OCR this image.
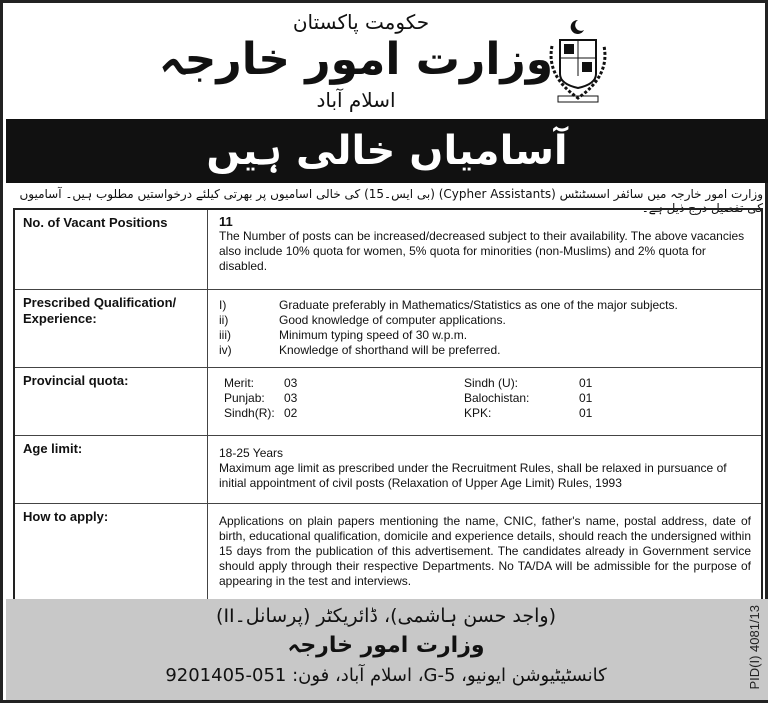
حکومت پاکستان
وزارت امور خارجہ
اسلام آباد
آسامیاں خالی ہیں
وزارت امور خارجہ میں سائفر اسسٹنٹس (Cypher Assistants) (بی ایس۔15) کی خالی اسامیوں پر بھرتی کیلئے درخواستیں مطلوب ہیں۔ آسامیوں کی تفصیل درج ذیل ہے۔
No. of Vacant Positions	11
The Number of posts can be increased/decreased subject to their availability. The above vacancies also include 10% quota for women, 5% quota for minorities (non-Muslims) and 2% quota for disabled.
Prescribed Qualification/ Experience:
I)	Graduate preferably in Mathematics/Statistics as one of the major subjects.
ii)	Good knowledge of computer applications.
iii)	Minimum typing speed of 30 w.p.m.
iv)	Knowledge of shorthand will be preferred.
Provincial quota:	Merit:	03	Sindh (U):	01
Punjab:	03	Balochistan:	01
Sindh(R): 02	KPK:	01
Age limit:	18-25 Years
Maximum age limit as prescribed under the Recruitment Rules, shall be relaxed in pursuance of initial appointment of civil posts (Relaxation of Upper Age Limit) Rules, 1993
How to apply:	Applications on plain papers mentioning the name, CNIC, father's name, postal address, date of birth, educational qualification, domicile and experience details, should reach the undersigned within 15 days from the publication of this advertisement. The candidates already in Government service should apply through their respective Departments. No TA/DA will be admissible for the purpose of appearing in the test and interviews.
(واجد حسن ہاشمی)، ڈائریکٹر (پرسانل۔II)
وزارت امور خارجہ
کانسٹیٹیوشن ایونیو، G-5، اسلام آباد، فون: 051-9201405	PID(I) 4081/13
